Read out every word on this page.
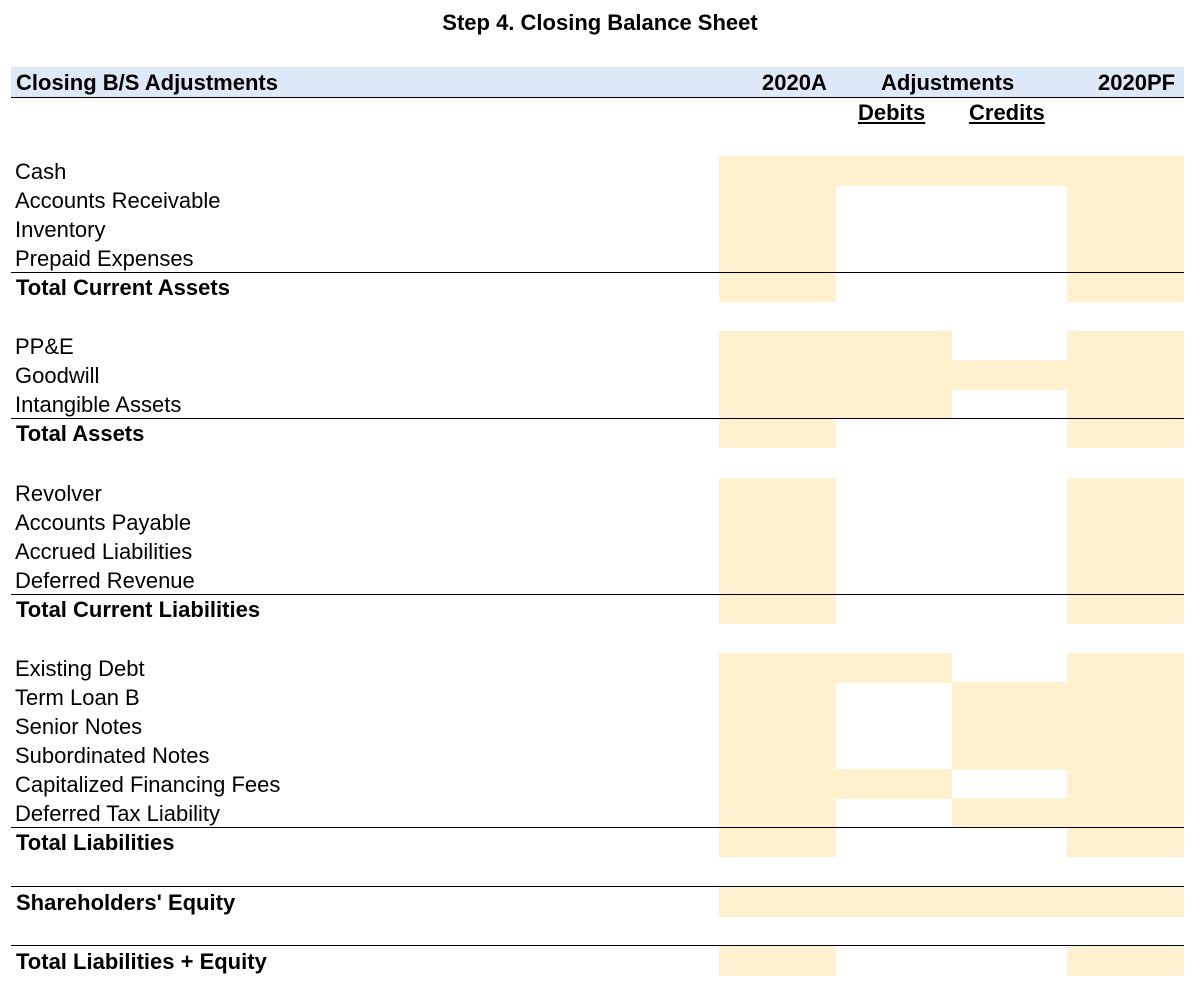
Step 4. Closing Balance Sheet
Closing B/S Adjustments	2020A Adjustments	2020PF
Debits Credits
Cash
Accounts Receivable
Inventory
Prepaid Expenses
Total Current Assets
PP&E
Goodwill
Intangible Assets
Total Assets
Revolver
Accounts Payable
Accrued Liabilities
Deferred Revenue
Total Current Liabilities
Existing Debt
Term Loan B
Senior Notes
Subordinated Notes
Capitalized Financing Fees
Deferred Tax Liability
Total Liabilities
Shareholders' Equity
Total Liabilities + Equity
